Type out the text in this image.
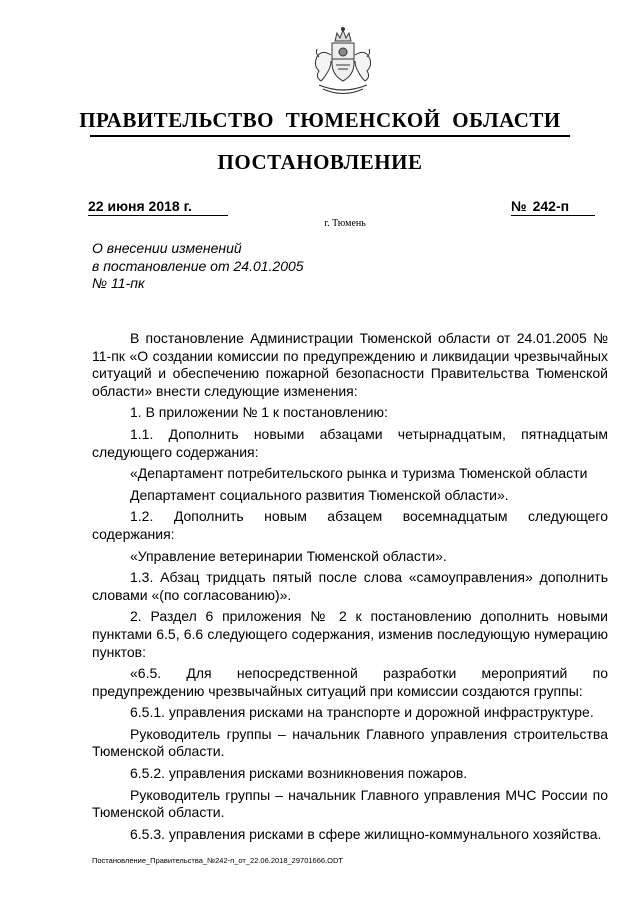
ПРАВИТЕЛЬСТВО ТЮМЕНСКОЙ ОБЛАСТИ
ПОСТАНОВЛЕНИЕ
22 июня 2018 г.	№ 242-п
г. Тюмень
О внесении изменений
в постановление от 24.01.2005
№ 11-пк

В постановление Администрации Тюменской области от 24.01.2005 № 11-пк «О создании комиссии по предупреждению и ликвидации чрезвычайных ситуаций и обеспечению пожарной безопасности Правительства Тюменской области» внести следующие изменения:

1. В приложении № 1 к постановлению:

1.1. Дополнить новыми абзацами четырнадцатым, пятнадцатым следующего содержания:

«Департамент потребительского рынка и туризма Тюменской области

Департамент социального развития Тюменской области».

1.2. Дополнить новым абзацем восемнадцатым следующего содержания:

«Управление ветеринарии Тюменской области».

1.3. Абзац тридцать пятый после слова «самоуправления» дополнить словами «(по согласованию)».

2. Раздел 6 приложения № 2 к постановлению дополнить новыми пунктами 6.5, 6.6 следующего содержания, изменив последующую нумерацию пунктов:

«6.5. Для непосредственной разработки мероприятий по предупреждению чрезвычайных ситуаций при комиссии создаются группы:

6.5.1. управления рисками на транспорте и дорожной инфраструктуре.

Руководитель группы – начальник Главного управления строительства Тюменской области.

6.5.2. управления рисками возникновения пожаров.

Руководитель группы – начальник Главного управления МЧС России по Тюменской области.

6.5.3. управления рисками в сфере жилищно-коммунального хозяйства.

Постановление_Правительства_№242-п_от_22.06.2018_29701666.ODT
